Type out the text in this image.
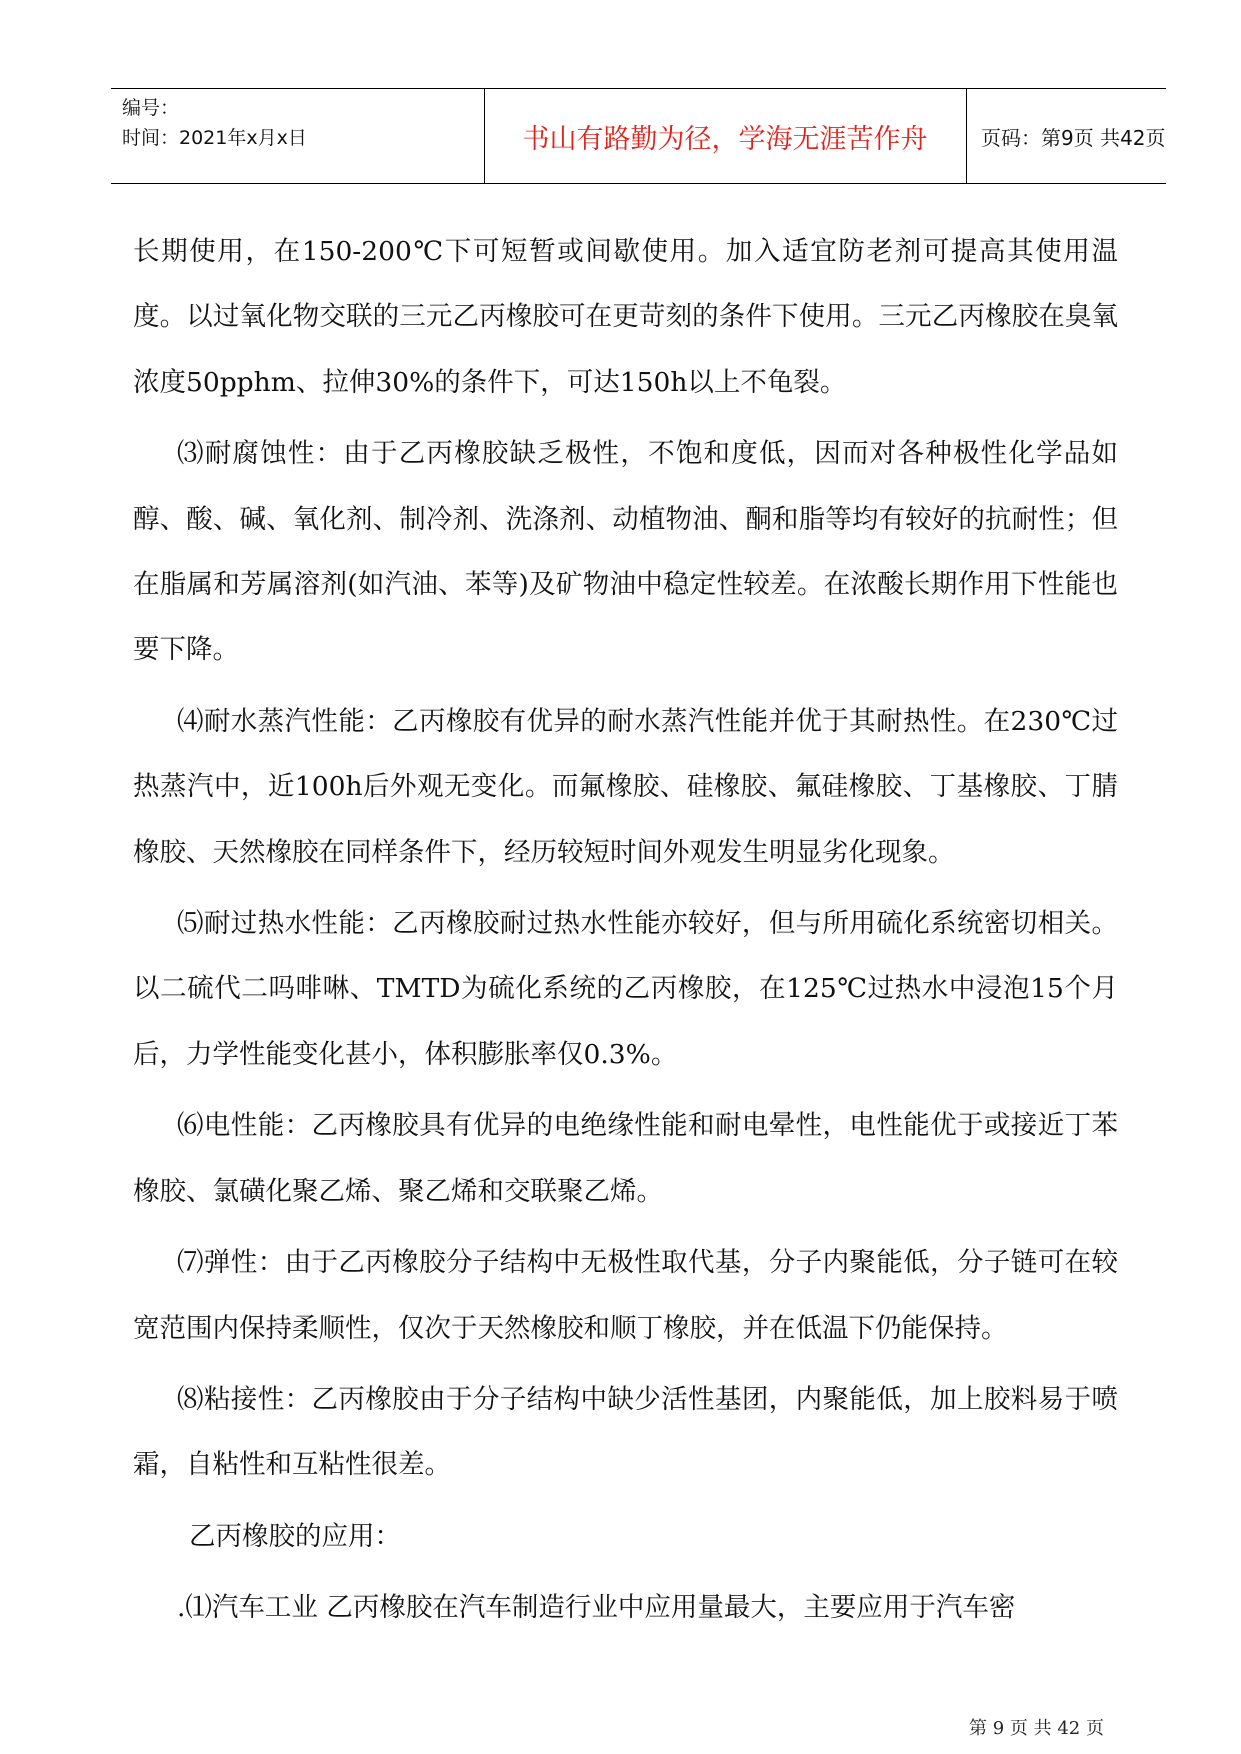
编号：
时间：2021年x月x日	书山有路勤为径，学海无涯苦作舟	页码：第9页 共42页

长期使用，在150-200℃下可短暂或间歇使用。加入适宜防老剂可提高其使用温度。以过氧化物交联的三元乙丙橡胶可在更苛刻的条件下使用。三元乙丙橡胶在臭氧浓度50pphm、拉伸30%的条件下，可达150h以上不龟裂。

⑶耐腐蚀性：由于乙丙橡胶缺乏极性，不饱和度低，因而对各种极性化学品如醇、酸、碱、氧化剂、制冷剂、洗涤剂、动植物油、酮和脂等均有较好的抗耐性；但在脂属和芳属溶剂(如汽油、苯等)及矿物油中稳定性较差。在浓酸长期作用下性能也要下降。

⑷耐水蒸汽性能：乙丙橡胶有优异的耐水蒸汽性能并优于其耐热性。在230℃过热蒸汽中，近100h后外观无变化。而氟橡胶、硅橡胶、氟硅橡胶、丁基橡胶、丁腈橡胶、天然橡胶在同样条件下，经历较短时间外观发生明显劣化现象。

⑸耐过热水性能：乙丙橡胶耐过热水性能亦较好，但与所用硫化系统密切相关。以二硫代二吗啡啉、TMTD为硫化系统的乙丙橡胶，在125℃过热水中浸泡15个月后，力学性能变化甚小，体积膨胀率仅0.3%。

⑹电性能：乙丙橡胶具有优异的电绝缘性能和耐电晕性，电性能优于或接近丁苯橡胶、氯磺化聚乙烯、聚乙烯和交联聚乙烯。

⑺弹性：由于乙丙橡胶分子结构中无极性取代基，分子内聚能低，分子链可在较宽范围内保持柔顺性，仅次于天然橡胶和顺丁橡胶，并在低温下仍能保持。

⑻粘接性：乙丙橡胶由于分子结构中缺少活性基团，内聚能低，加上胶料易于喷霜，自粘性和互粘性很差。

乙丙橡胶的应用：

.⑴汽车工业 乙丙橡胶在汽车制造行业中应用量最大，主要应用于汽车密

第 9 页 共 42 页
